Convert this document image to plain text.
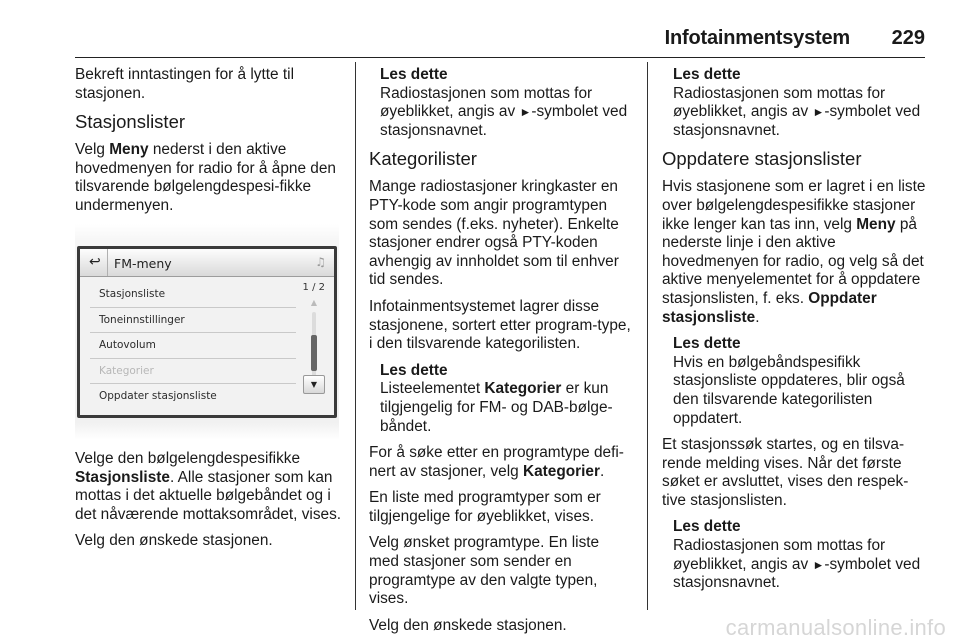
Infotainmentsystem 229

Bekreft inntastingen for å lytte til stasjonen.

Stasjonslister

Velg Meny nederst i den aktive hovedmenyen for radio for å åpne den tilsvarende bølgelengdespesi-fikke undermenyen.

↩ FM-meny	♫
Stasjonsliste
Toneinnstillinger
Autovolum
Kategorier
Oppdater stasjonsliste
1 / 2
▲
▼

Velge den bølgelengdespesifikke Stasjonsliste. Alle stasjoner som kan mottas i det aktuelle bølgebåndet og i det nåværende mottaksområdet, vises.

Velg den ønskede stasjonen.

Les dette
Radiostasjonen som mottas for øyeblikket, angis av ►-symbolet ved stasjonsnavnet.
Kategorilister

Mange radiostasjoner kringkaster en PTY-kode som angir programtypen som sendes (f.eks. nyheter). Enkelte stasjoner endrer også PTY-koden avhengig av innholdet som til enhver tid sendes.

Infotainmentsystemet lagrer disse stasjonene, sortert etter program-type, i den tilsvarende kategorilisten.

Les dette
Listeelementet Kategorier er kun tilgjengelig for FM- og DAB-bølge-båndet.

For å søke etter en programtype defi-nert av stasjoner, velg Kategorier.

En liste med programtyper som er tilgjengelige for øyeblikket, vises.

Velg ønsket programtype. En liste med stasjoner som sender en programtype av den valgte typen, vises.

Velg den ønskede stasjonen.

Les dette
Radiostasjonen som mottas for øyeblikket, angis av ►-symbolet ved stasjonsnavnet.
Oppdatere stasjonslister

Hvis stasjonene som er lagret i en liste over bølgelengdespesifikke stasjoner ikke lenger kan tas inn, velg Meny på nederste linje i den aktive hovedmenyen for radio, og velg så det aktive menyelementet for å oppdatere stasjonslisten, f. eks. Oppdater stasjonsliste.

Les dette
Hvis en bølgebåndspesifikk stasjonsliste oppdateres, blir også den tilsvarende kategorilisten oppdatert.

Et stasjonssøk startes, og en tilsva-rende melding vises. Når det første søket er avsluttet, vises den respek-tive stasjonslisten.

Les dette
Radiostasjonen som mottas for øyeblikket, angis av ►-symbolet ved stasjonsnavnet.
carmanualsonline.info
